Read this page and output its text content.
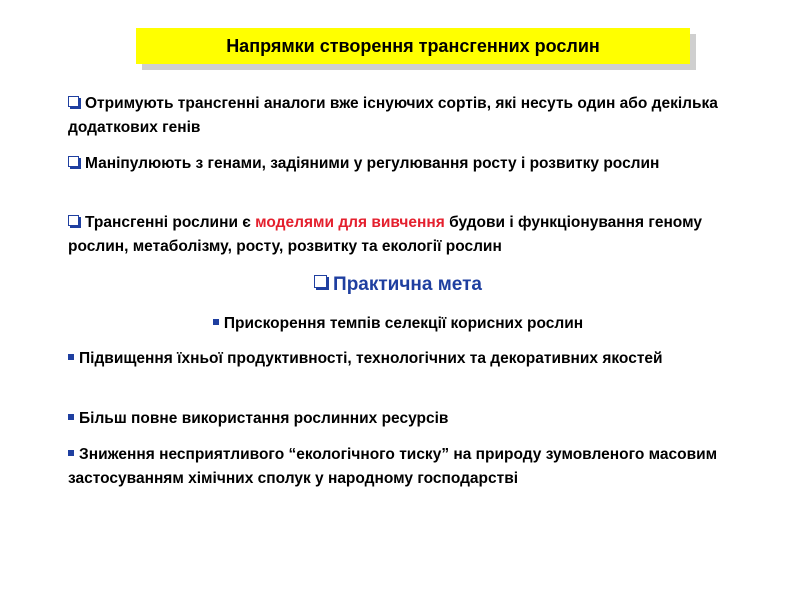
Напрямки створення трансгенних рослин
Отримують трансгенні аналоги вже існуючих сортів, які несуть один або декілька додаткових генів
Маніпулюють з генами, задіяними у регулювання росту і розвитку рослин
Трансгенні рослини є моделями для вивчення будови і функціонування геному рослин, метаболізму, росту, розвитку та екології рослин
Практична мета
Прискорення темпів селекції корисних рослин
Підвищення їхньої продуктивності, технологічних та декоративних якостей
Більш повне використання рослинних ресурсів
Зниження несприятливого “екологічного тиску” на природу зумовленого масовим застосуванням хімічних сполук у народному господарстві
